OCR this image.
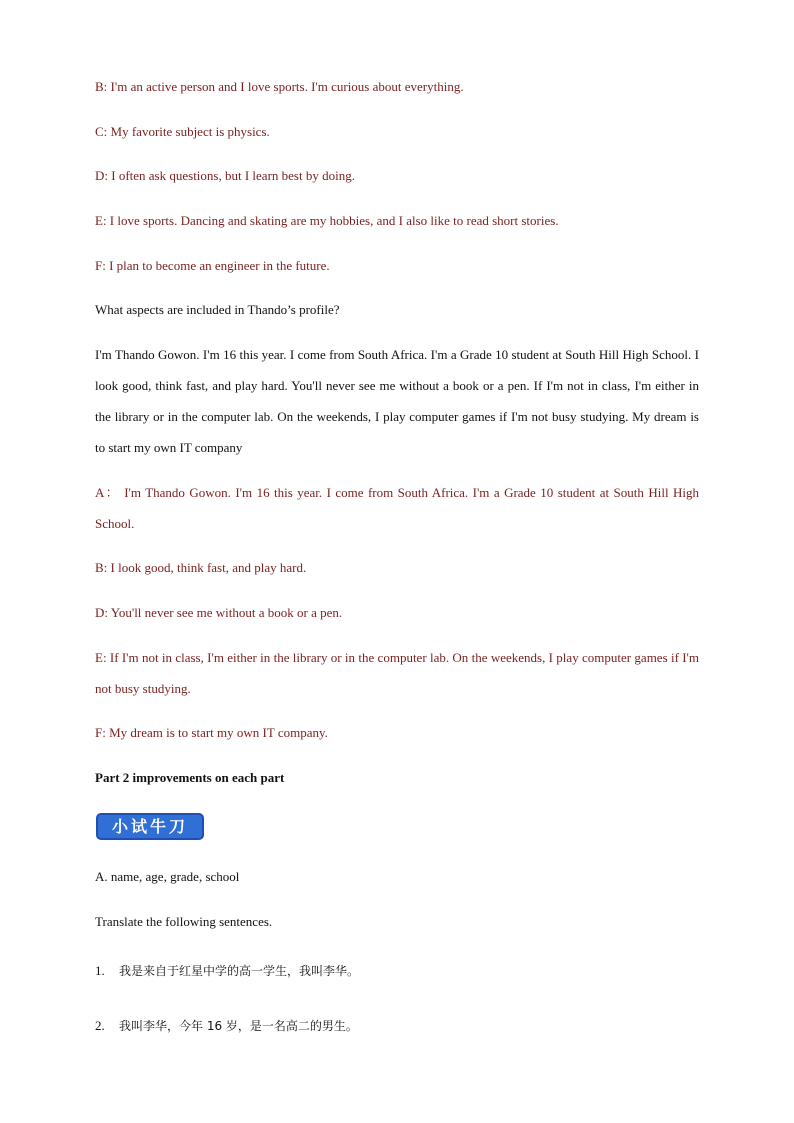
B: I'm an active person and I love sports. I'm curious about everything.
C: My favorite subject is physics.
D: I often ask questions, but I learn best by doing.
E: I love sports. Dancing and skating are my hobbies, and I also like to read short stories.
F: I plan to become an engineer in the future.
What aspects are included in Thando’s profile?
I'm Thando Gowon. I'm 16 this year. I come from South Africa. I'm a Grade 10 student at South Hill High School. I look good, think fast, and play hard. You'll never see me without a book or a pen. If I'm not in class, I'm either in the library or in the computer lab. On the weekends, I play computer games if I'm not busy studying. My dream is to start my own IT company
A： I'm Thando Gowon. I'm 16 this year. I come from South Africa. I'm a Grade 10 student at South Hill High School.
B: I look good, think fast, and play hard.
D: You'll never see me without a book or a pen.
E: If I'm not in class, I'm either in the library or in the computer lab. On the weekends, I play computer games if I'm not busy studying.
F: My dream is to start my own IT company.
Part 2 improvements on each part
小试牛刀
A. name, age, grade, school
Translate the following sentences.
1. 我是来自于红星中学的高一学生，我叫李华。
2. 我叫李华，今年 16 岁，是一名高二的男生。
